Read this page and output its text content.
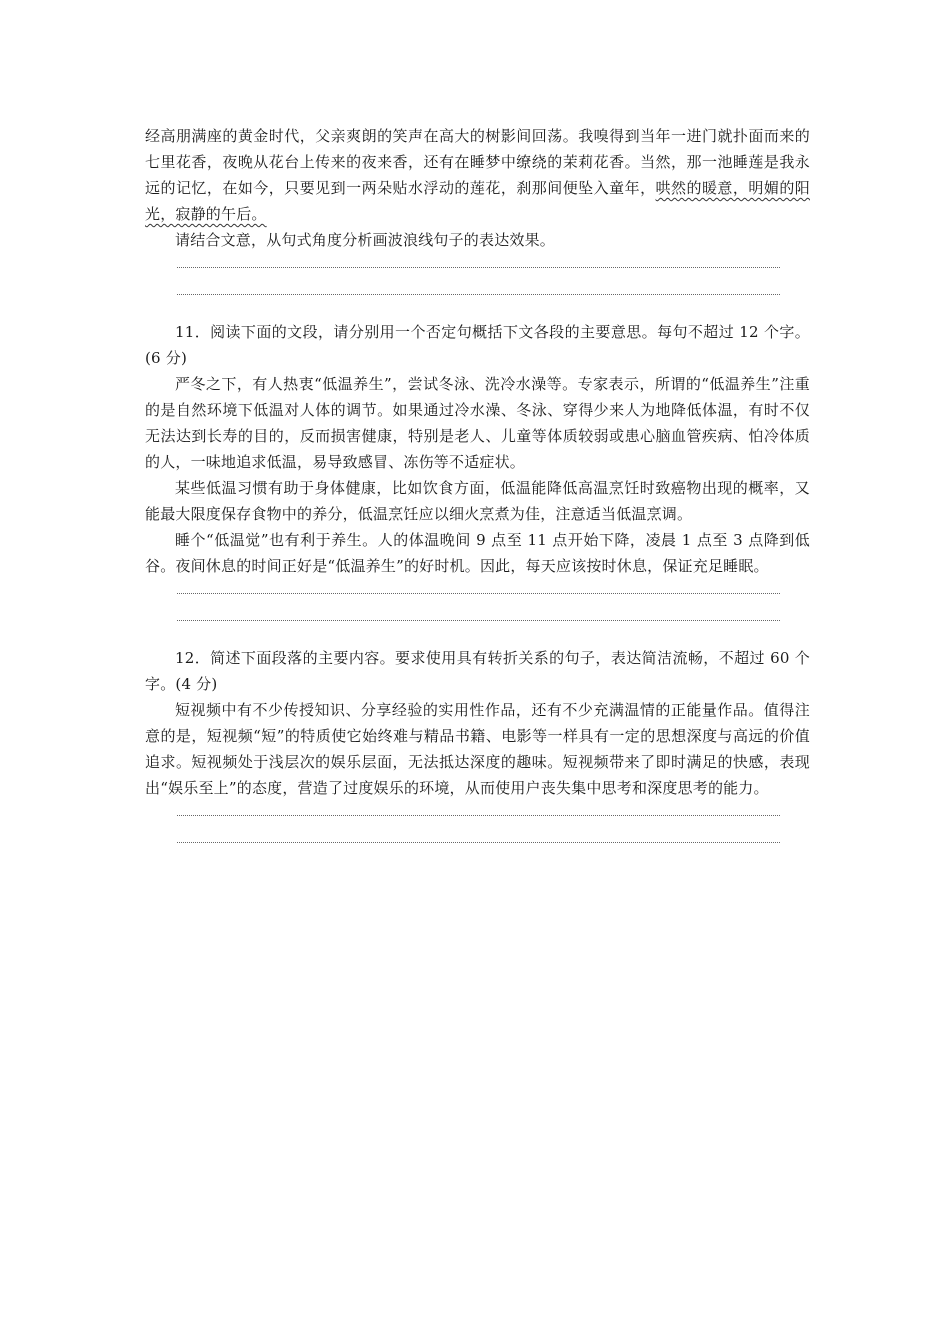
经高朋满座的黄金时代，父亲爽朗的笑声在高大的树影间回荡。我嗅得到当年一进门就扑面而来的七里花香，夜晚从花台上传来的夜来香，还有在睡梦中缭绕的茉莉花香。当然，那一池睡莲是我永远的记忆，在如今，只要见到一两朵贴水浮动的莲花，刹那间便坠入童年，哄然的暖意，明媚的阳光，寂静的午后。

请结合文意，从句式角度分析画波浪线句子的表达效果。

11．阅读下面的文段，请分别用一个否定句概括下文各段的主要意思。每句不超过 12 个字。(6 分)

严冬之下，有人热衷“低温养生”，尝试冬泳、洗冷水澡等。专家表示，所谓的“低温养生”注重的是自然环境下低温对人体的调节。如果通过冷水澡、冬泳、穿得少来人为地降低体温，有时不仅无法达到长寿的目的，反而损害健康，特别是老人、儿童等体质较弱或患心脑血管疾病、怕冷体质的人，一味地追求低温，易导致感冒、冻伤等不适症状。

某些低温习惯有助于身体健康，比如饮食方面，低温能降低高温烹饪时致癌物出现的概率，又能最大限度保存食物中的养分，低温烹饪应以细火烹煮为佳，注意适当低温烹调。

睡个“低温觉”也有利于养生。人的体温晚间 9 点至 11 点开始下降，凌晨 1 点至 3 点降到低谷。夜间休息的时间正好是“低温养生”的好时机。因此，每天应该按时休息，保证充足睡眠。

12．简述下面段落的主要内容。要求使用具有转折关系的句子，表达简洁流畅，不超过 60 个字。(4 分)

短视频中有不少传授知识、分享经验的实用性作品，还有不少充满温情的正能量作品。值得注意的是，短视频“短”的特质使它始终难与精品书籍、电影等一样具有一定的思想深度与高远的价值追求。短视频处于浅层次的娱乐层面，无法抵达深度的趣味。短视频带来了即时满足的快感，表现出“娱乐至上”的态度，营造了过度娱乐的环境，从而使用户丧失集中思考和深度思考的能力。
